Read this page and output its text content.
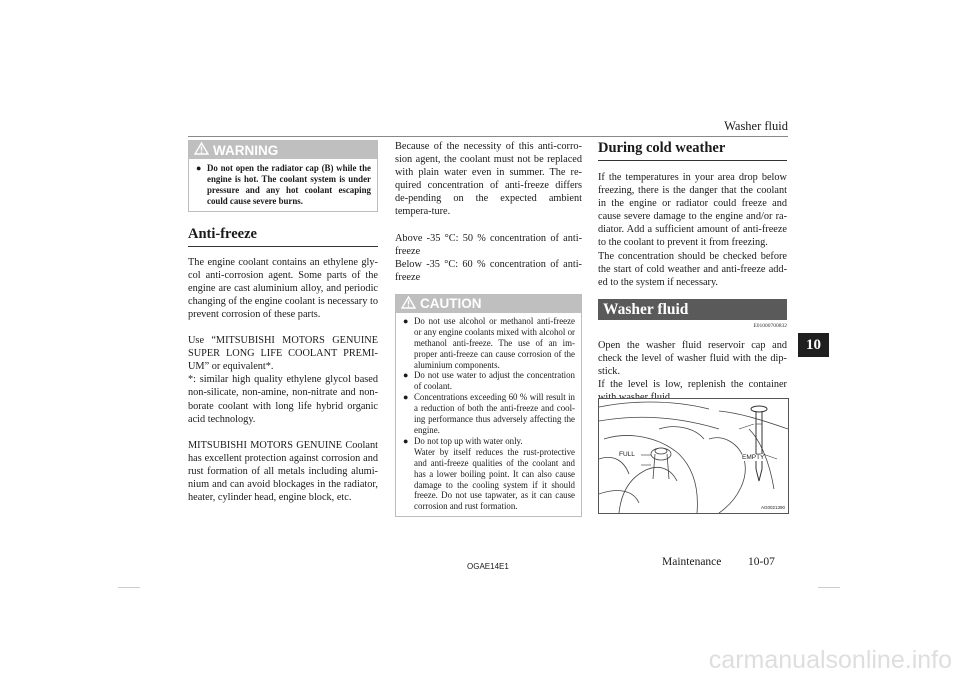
Washer fluid
10
WARNING
● Do not open the radiator cap (B) while the engine is hot. The coolant system is under pressure and any hot coolant escaping could cause severe burns.
Anti-freeze

The engine coolant contains an ethylene gly-col anti-corrosion agent. Some parts of the engine are cast aluminium alloy, and periodic changing of the engine coolant is necessary to prevent corrosion of these parts.

Use “MITSUBISHI MOTORS GENUINE SUPER LONG LIFE COOLANT PREMI-UM” or equivalent*.

*: similar high quality ethylene glycol based non-silicate, non-amine, non-nitrate and non-borate coolant with long life hybrid organic acid technology.

MITSUBISHI MOTORS GENUINE Coolant has excellent protection against corrosion and rust formation of all metals including alumi-nium and can avoid blockages in the radiator, heater, cylinder head, engine block, etc.

Because of the necessity of this anti-corro-sion agent, the coolant must not be replaced with plain water even in summer. The re-quired concentration of anti-freeze differs de-pending on the expected ambient tempera-ture.

Above -35 °C: 50 % concentration of anti-freeze

Below -35 °C: 60 % concentration of anti-freeze

CAUTION
● Do not use alcohol or methanol anti-freeze or any engine coolants mixed with alcohol or methanol anti-freeze. The use of an im-proper anti-freeze can cause corrosion of the aluminium components.
● Do not use water to adjust the concentration of coolant.
● Concentrations exceeding 60 % will result in a reduction of both the anti-freeze and cool-ing performance thus adversely affecting the engine.
● Do not top up with water only.
Water by itself reduces the rust-protective and anti-freeze qualities of the coolant and has a lower boiling point. It can also cause damage to the cooling system if it should freeze. Do not use tapwater, as it can cause corrosion and rust formation.
During cold weather

If the temperatures in your area drop below freezing, there is the danger that the coolant in the engine or radiator could freeze and cause severe damage to the engine and/or ra-diator. Add a sufficient amount of anti-freeze to the coolant to prevent it from freezing.

The concentration should be checked before the start of cold weather and anti-freeze add-ed to the system if necessary.

Washer fluid
E01000700832

Open the washer fluid reservoir cap and check the level of washer fluid with the dip-stick.

If the level is low, replenish the container

FULL	EMPTY
AG0021390
OGAE14E1	Maintenance 10-07
carmanualsonline.info
